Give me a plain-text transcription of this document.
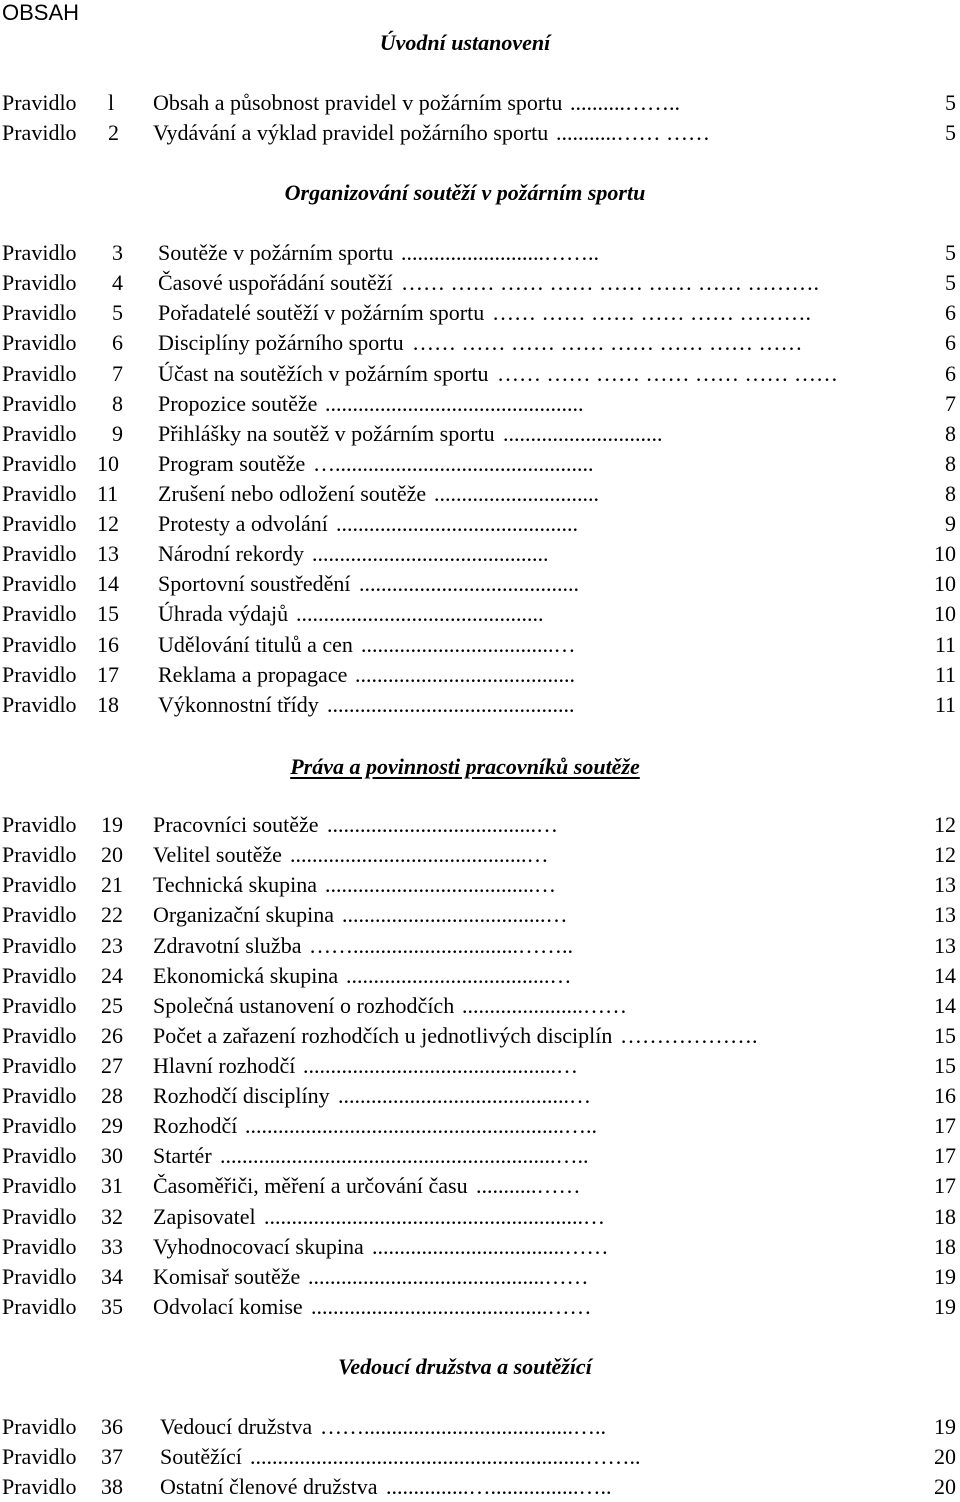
OBSAH
Úvodní ustanovení
Pravidlo l Obsah a působnost pravidel v požárním sportu ..........……..	5
Pravidlo 2 Vydávání a výklad pravidel požárního sportu ...........…… ……	5
Organizování soutěží v požárním sportu
Pravidlo 3 Soutěže v požárním sportu ..........................……..	5
Pravidlo 4 Časové uspořádání soutěží …… …… …… …… …… …… …… ……….	5
Pravidlo 5 Pořadatelé soutěží v požárním sportu …… …… …… …… …… ……….	6
Pravidlo 6 Disciplíny požárního sportu …… …… …… …… …… …… …… ……	6
Pravidlo 7 Účast na soutěžích v požárním sportu …… …… …… …… …… …… ……	6
Pravidlo 8 Propozice soutěže ...............................................	7
Pravidlo 9 Přihlášky na soutěž v požárním sportu .............................	8
Pravidlo 10 Program soutěže …...............................................	8
Pravidlo 11 Zrušení nebo odložení soutěže ..............................	8
Pravidlo 12 Protesty a odvolání ............................................	9
Pravidlo 13 Národní rekordy ...........................................	10
Pravidlo 14 Sportovní soustředění ........................................	10
Pravidlo 15 Úhrada výdajů .............................................	10
Pravidlo 16 Udělování titulů a cen ...................................…	11
Pravidlo 17 Reklama a propagace ........................................	11
Pravidlo 18 Výkonnostní třídy .............................................	11
Práva a povinnosti pracovníků soutěže
Pravidlo 19 Pracovníci soutěže ......................................…	12
Pravidlo 20 Velitel soutěže ...........................................…	12
Pravidlo 21 Technická skupina ......................................…	13
Pravidlo 22 Organizační skupina .....................................…	13
Pravidlo 23 Zdravotní služba ……..............................……..	13
Pravidlo 24 Ekonomická skupina .....................................…	14
Pravidlo 25 Společná ustanovení o rozhodčích ......................……	14
Pravidlo 26 Počet a zařazení rozhodčích u jednotlivých disciplín ……………….	15
Pravidlo 27 Hlavní rozhodčí ..............................................…	15
Pravidlo 28 Rozhodčí disciplíny ..........................................…	16
Pravidlo 29 Rozhodčí ..........................................................…..	17
Pravidlo 30 Startér .............................................................…..	17
Pravidlo 31 Časoměřiči, měření a určování času ...........……	17
Pravidlo 32 Zapisovatel ..........................................................…	18
Pravidlo 33 Vyhodnocovací skupina ...................................……	18
Pravidlo 34 Komisař soutěže ...........................................……	19
Pravidlo 35 Odvolací komise ...........................................……	19
Vedoucí družstva a soutěžící
Pravidlo 36 Vedoucí družstva ……......................................…..	19
Pravidlo 37 Soutěžící .............................................................……..	20
Pravidlo 38 Ostatní členové družstva ...............…................…..	20
